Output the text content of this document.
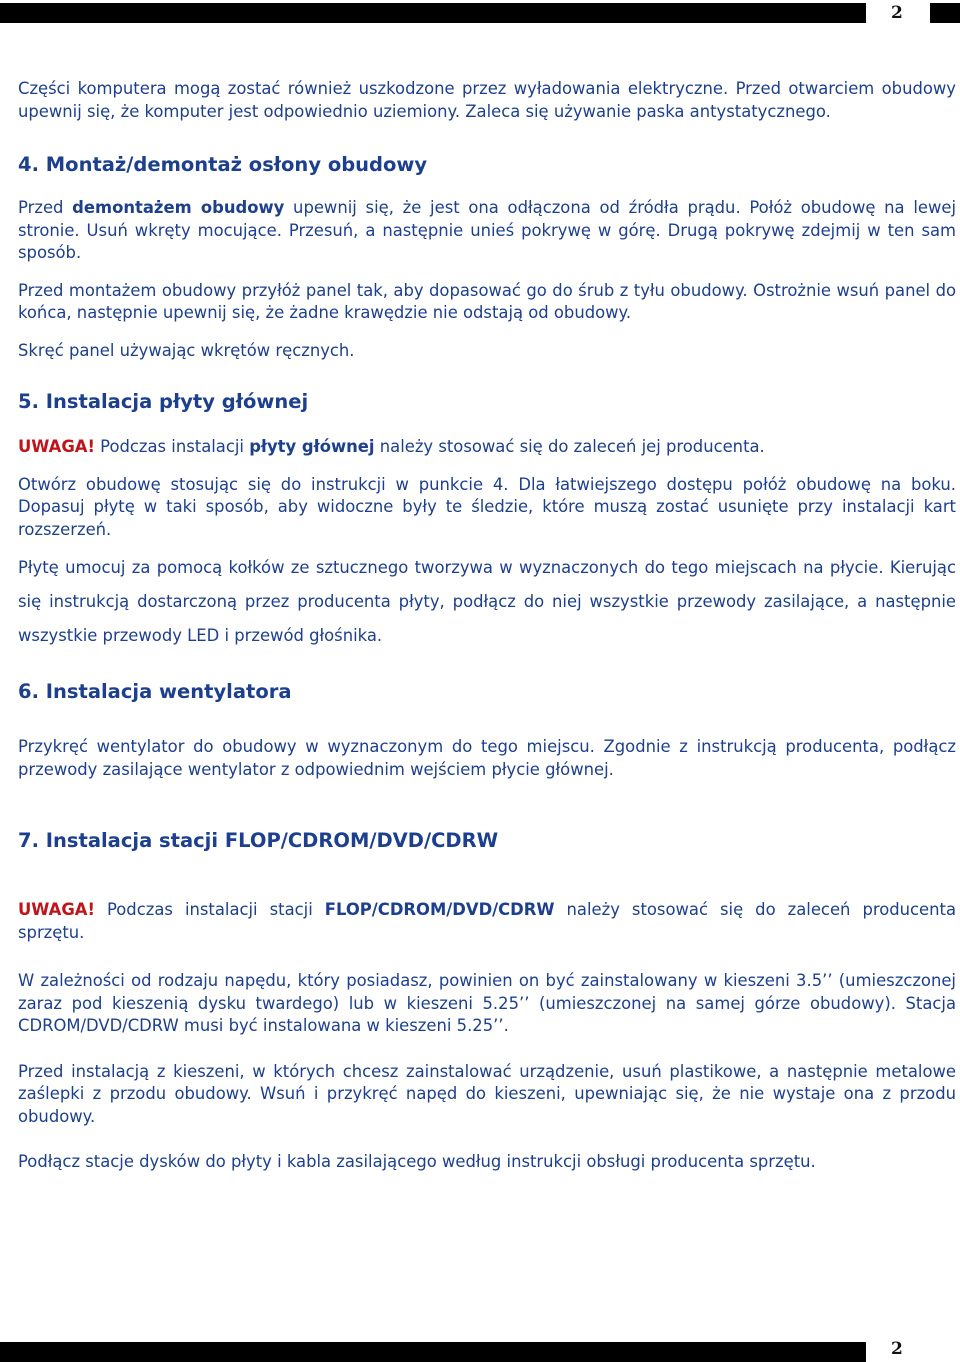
2

Części komputera mogą zostać również uszkodzone przez wyładowania elektryczne. Przed otwarciem obudowy upewnij się, że komputer jest odpowiednio uziemiony. Zaleca się używanie paska antystatycznego.

4. Montaż/demontaż osłony obudowy

Przed demontażem obudowy upewnij się, że jest ona odłączona od źródła prądu. Połóż obudowę na lewej stronie. Usuń wkręty mocujące. Przesuń, a następnie unieś pokrywę w górę. Drugą pokrywę zdejmij w ten sam sposób.

Przed montażem obudowy przyłóż panel tak, aby dopasować go do śrub z tyłu obudowy. Ostrożnie wsuń panel do końca, następnie upewnij się, że żadne krawędzie nie odstają od obudowy.

Skręć panel używając wkrętów ręcznych.

5. Instalacja płyty głównej

UWAGA! Podczas instalacji płyty głównej należy stosować się do zaleceń jej producenta.

Otwórz obudowę stosując się do instrukcji w punkcie 4. Dla łatwiejszego dostępu połóż obudowę na boku. Dopasuj płytę w taki sposób, aby widoczne były te śledzie, które muszą zostać usunięte przy instalacji kart rozszerzeń.

Płytę umocuj za pomocą kołków ze sztucznego tworzywa w wyznaczonych do tego miejscach na płycie. Kierując się instrukcją dostarczoną przez producenta płyty, podłącz do niej wszystkie przewody zasilające, a następnie wszystkie przewody LED i przewód głośnika.

6. Instalacja wentylatora

Przykręć wentylator do obudowy w wyznaczonym do tego miejscu. Zgodnie z instrukcją producenta, podłącz przewody zasilające wentylator z odpowiednim wejściem płycie głównej.

7. Instalacja stacji FLOP/CDROM/DVD/CDRW

UWAGA! Podczas instalacji stacji FLOP/CDROM/DVD/CDRW należy stosować się do zaleceń producenta sprzętu.

W zależności od rodzaju napędu, który posiadasz, powinien on być zainstalowany w kieszeni 3.5’’ (umieszczonej zaraz pod kieszenią dysku twardego) lub w kieszeni 5.25’’ (umieszczonej na samej górze obudowy). Stacja CDROM/DVD/CDRW musi być instalowana w kieszeni 5.25’’.

Przed instalacją z kieszeni, w których chcesz zainstalować urządzenie, usuń plastikowe, a następnie metalowe zaślepki z przodu obudowy. Wsuń i przykręć napęd do kieszeni, upewniając się, że nie wystaje ona z przodu obudowy.

Podłącz stacje dysków do płyty i kabla zasilającego według instrukcji obsługi producenta sprzętu.

2
